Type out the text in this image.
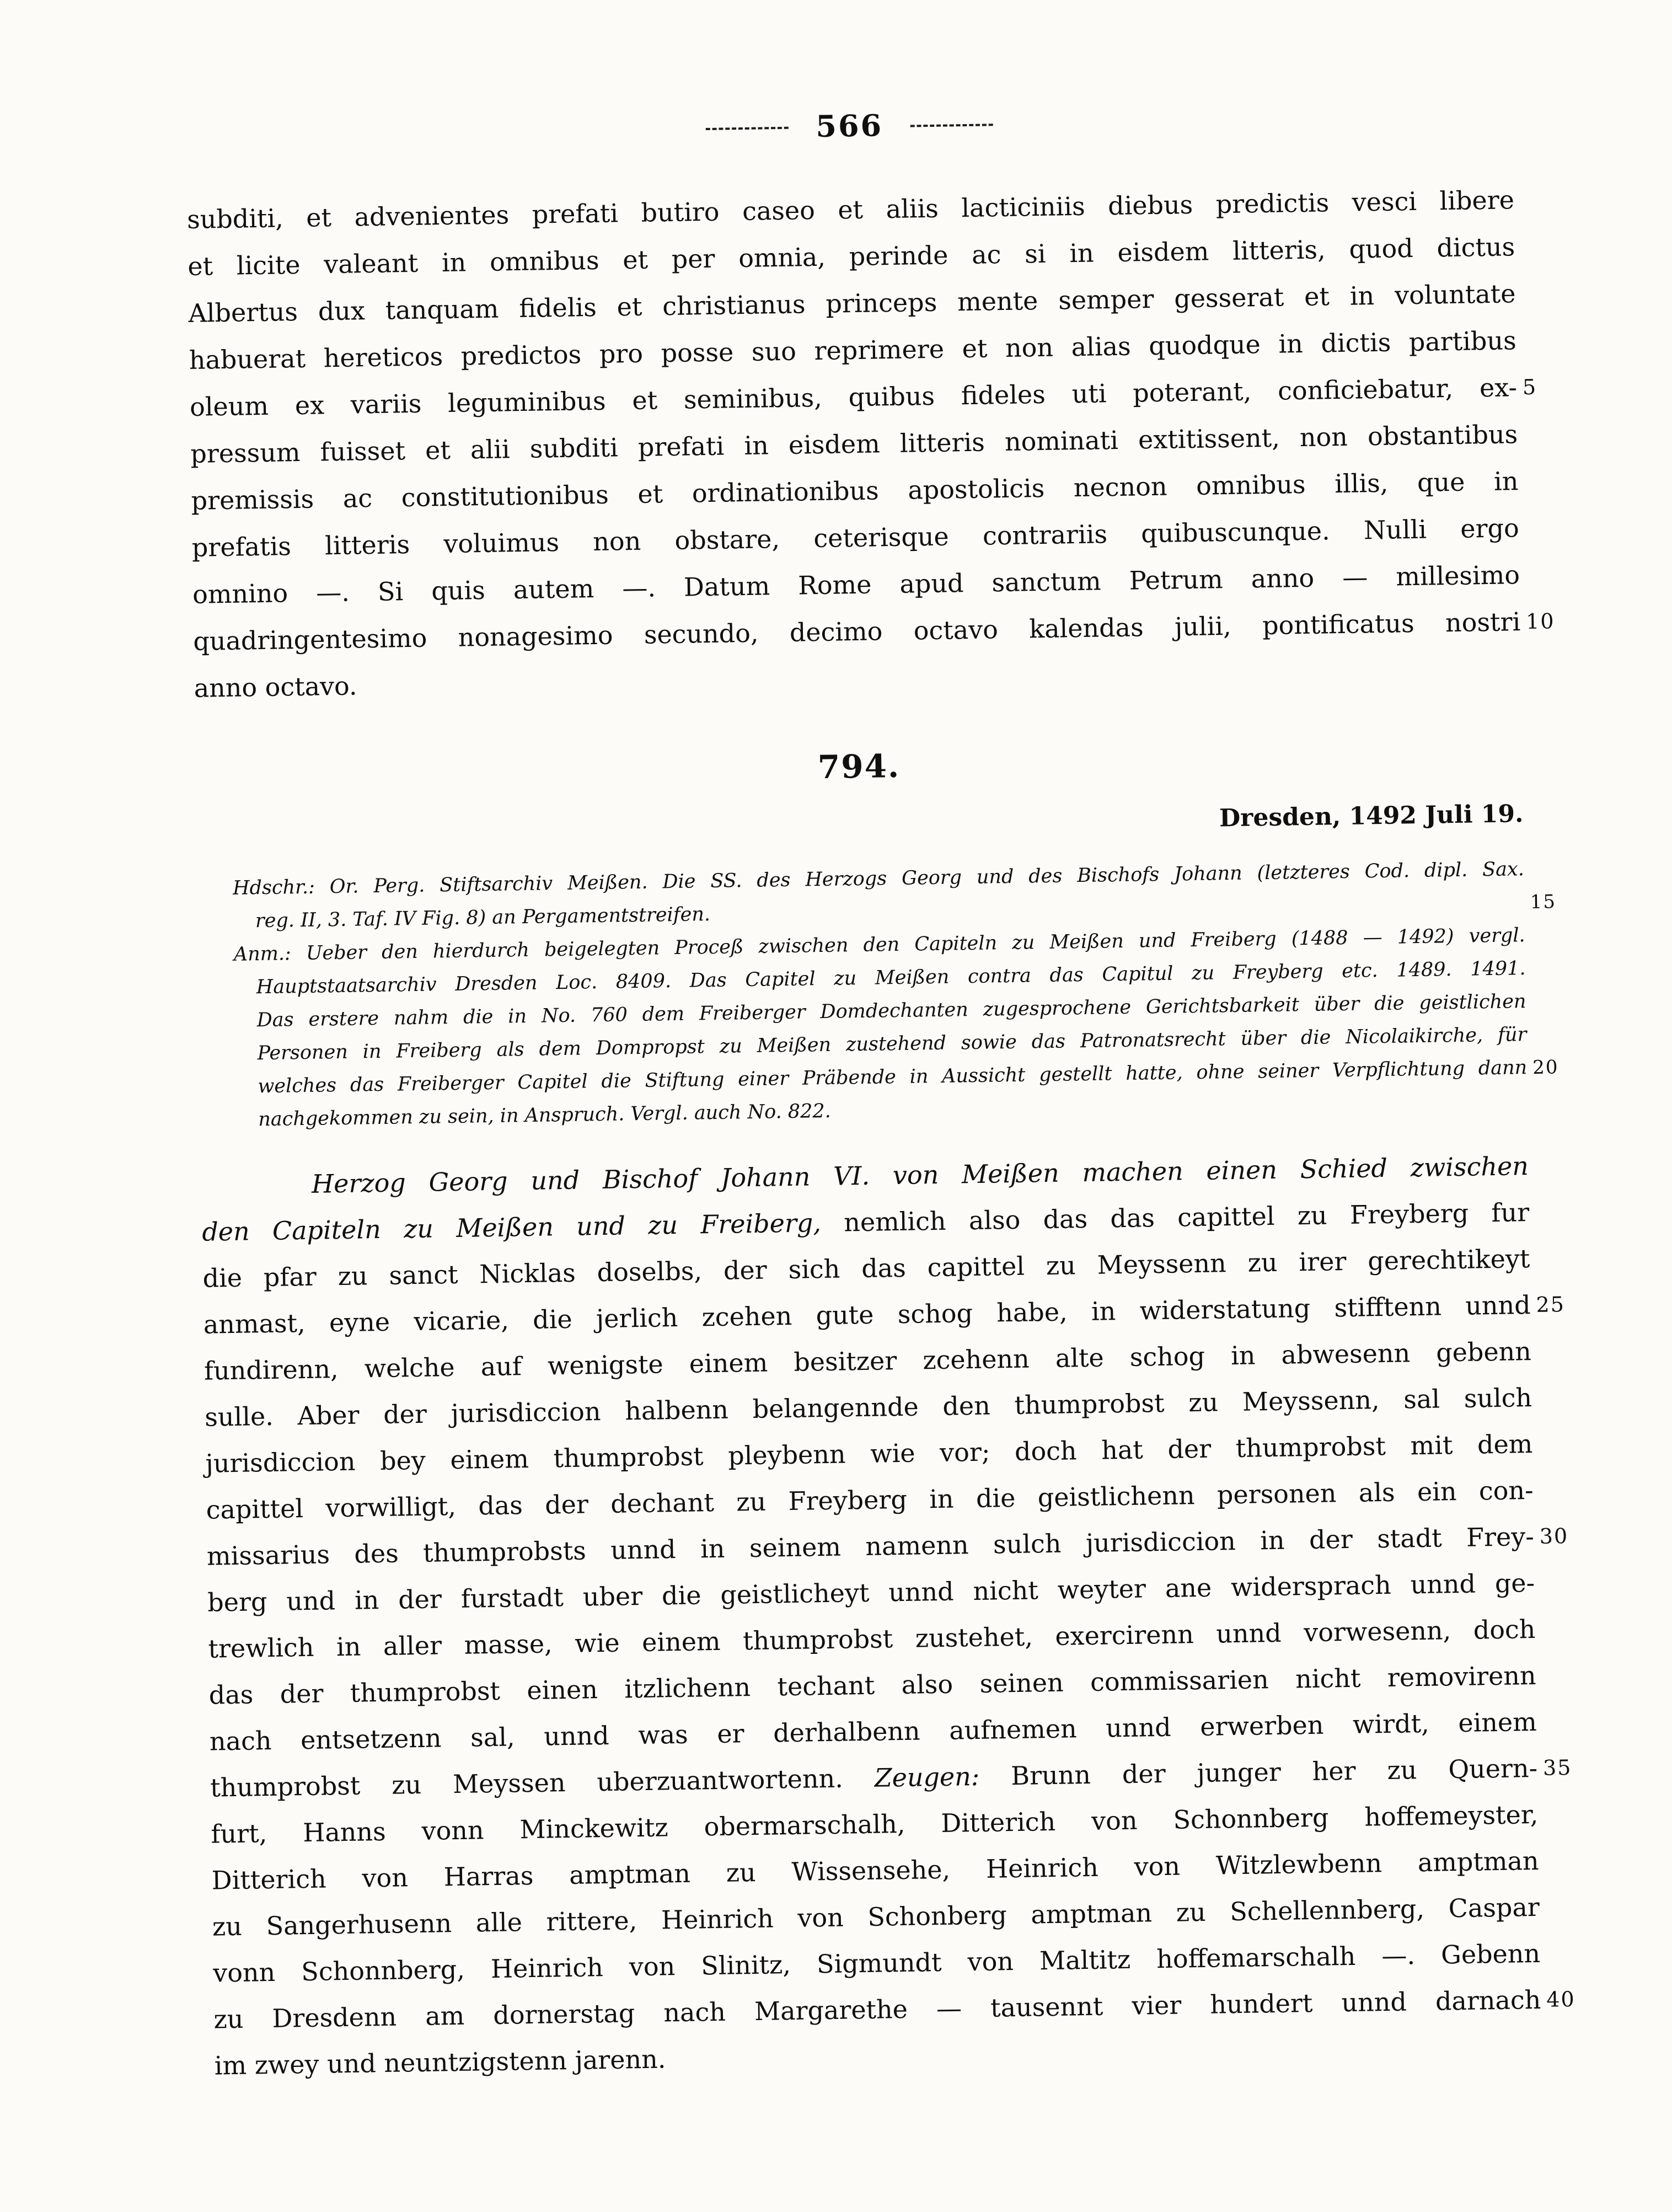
566
subditi, et advenientes prefati butiro caseo et aliis lacticiniis diebus predictis vesci libere
et licite valeant in omnibus et per omnia, perinde ac si in eisdem litteris, quod dictus
Albertus dux tanquam fidelis et christianus princeps mente semper gesserat et in voluntate
habuerat hereticos predictos pro posse suo reprimere et non alias quodque in dictis partibus
oleum ex variis leguminibus et seminibus, quibus fideles uti poterant, conficiebatur, ex- 5
pressum fuisset et alii subditi prefati in eisdem litteris nominati extitissent, non obstantibus
premissis ac constitutionibus et ordinationibus apostolicis necnon omnibus illis, que in
prefatis litteris voluimus non obstare, ceterisque contrariis quibuscunque. Nulli ergo
omnino —. Si quis autem —. Datum Rome apud sanctum Petrum anno — millesimo
quadringentesimo nonagesimo secundo, decimo octavo kalendas julii, pontificatus nostri 10
anno octavo.
794.
Dresden, 1492 Juli 19.
Hdschr.: Or. Perg. Stiftsarchiv Meißen. Die SS. des Herzogs Georg und des Bischofs Johann (letzteres Cod. dipl. Sax.
reg. II, 3. Taf. IV Fig. 8) an Pergamentstreifen.
15
Anm.: Ueber den hierdurch beigelegten Proceß zwischen den Capiteln zu Meißen und Freiberg (1488 — 1492) vergl.
Hauptstaatsarchiv Dresden Loc. 8409. Das Capitel zu Meißen contra das Capitul zu Freyberg etc. 1489. 1491.
Das erstere nahm die in No. 760 dem Freiberger Domdechanten zugesprochene Gerichtsbarkeit über die geistlichen
Personen in Freiberg als dem Dompropst zu Meißen zustehend sowie das Patronatsrecht über die Nicolaikirche, für
welches das Freiberger Capitel die Stiftung einer Präbende in Aussicht gestellt hatte, ohne seiner Verpflichtung dann 20
nachgekommen zu sein, in Anspruch. Vergl. auch No. 822.
Herzog Georg und Bischof Johann VI. von Meißen machen einen Schied zwischen
den Capiteln zu Meißen und zu Freiberg, nemlich also das das capittel zu Freyberg fur
die pfar zu sanct Nicklas doselbs, der sich das capittel zu Meyssenn zu irer gerechtikeyt
anmast, eyne vicarie, die jerlich zcehen gute schog habe, in widerstatung stifftenn unnd 25
fundirenn, welche auf wenigste einem besitzer zcehenn alte schog in abwesenn gebenn
sulle. Aber der jurisdiccion halbenn belangennde den thumprobst zu Meyssenn, sal sulch
jurisdiccion bey einem thumprobst pleybenn wie vor; doch hat der thumprobst mit dem
capittel vorwilligt, das der dechant zu Freyberg in die geistlichenn personen als ein con-
missarius des thumprobsts unnd in seinem namenn sulch jurisdiccion in der stadt Frey- 30
berg und in der furstadt uber die geistlicheyt unnd nicht weyter ane widersprach unnd ge-
trewlich in aller masse, wie einem thumprobst zustehet, exercirenn unnd vorwesenn, doch
das der thumprobst einen itzlichenn techant also seinen commissarien nicht removirenn
nach entsetzenn sal, unnd was er derhalbenn aufnemen unnd erwerben wirdt, einem
thumprobst zu Meyssen uberzuantwortenn. Zeugen: Brunn der junger her zu Quern- 35
furt, Hanns vonn Minckewitz obermarschalh, Ditterich von Schonnberg hoffemeyster,
Ditterich von Harras amptman zu Wissensehe, Heinrich von Witzlewbenn amptman
zu Sangerhusenn alle rittere, Heinrich von Schonberg amptman zu Schellennberg, Caspar
vonn Schonnberg, Heinrich von Slinitz, Sigmundt von Maltitz hoffemarschalh —. Gebenn
zu Dresdenn am dornerstag nach Margarethe — tausennt vier hundert unnd darnach 40
im zwey und neuntzigstenn jarenn.
